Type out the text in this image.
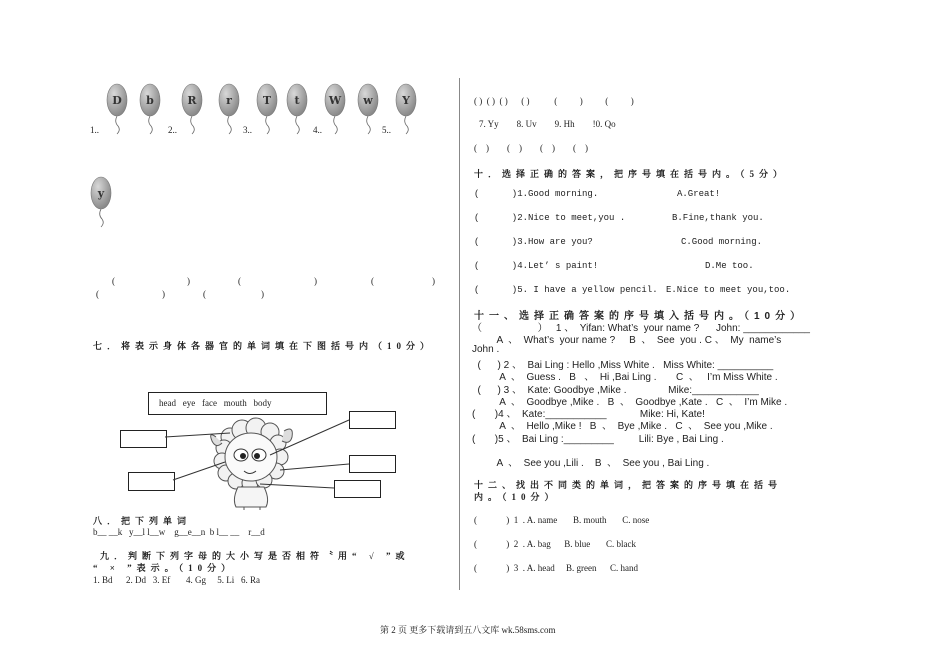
D b	R	r	T t	W w	Y
y
1..	2..	3..	4..	5..
(	)	(	)	(	)
(	)	(	)
七．将表示身体各器官的单词填在下图括号内（10分）
head   eye   face   mouth   body
八．把下列单词
b__ __k   y__l l__w    g__e__n  b l__ __    r__d
九．判断下列字母的大小写是否相符〝用“ √ ”或
“ × ”表示。（10分）
1. Bd      2. Dd   3. Ef       4. Gg     5. Li   6. Ra
( )  ( )  ( )      ( )           (          )          (          )
7. Yy        8. Uv        9. Hh        !0. Qo
(    )        (    )        (    )        (    )
十．选择正确的答案，把序号填在括号内。（5分）
(      )1.Good morning.	A.Great!
(      )2.Nice to meet,you .	B.Fine,thank you.
(      )3.How are you?	C.Good morning.
(      )4.Let’ s paint!	D.Me too.
(      )5. I have a yellow pencil. E.Nice to meet you,too.
十一、选择正确答案的序号填入括号内。（10分）
（                    ）   1 、  Yifan: What’s  your name ?      John: ____________
A  、  What’s  your name ?     B  、  See  you . C 、  My  name’s
John .
(      ) 2 、  Bai Ling : Hello ,Miss White .   Miss White: __________
A  、  Guess .   B   、  Hi ,Bai Ling .       C  、   I’m Miss White .
(      ) 3 、  Kate: Goodbye ,Mike .               Mike:____________
A  、  Goodbye ,Mike .   B  、  Goodbye ,Kate .   C  、  I’m Mike .
(       )4 、  Kate:___________            Mike: Hi, Kate!
A  、  Hello ,Mike !   B  、  Bye ,Mike .   C  、  See you ,Mike .
(       )5 、  Bai Ling :_________         Lili: Bye , Bai Ling .
A  、  See you ,Lili .    B  、  See you , Bai Ling .
十二、找出不同类的单词，把答案的序号填在括号
内。（10分）
(             )  1  . A. name       B. mouth       C. nose
(             )  2  . A. bag      B. blue       C. black
(             )  3  . A. head     B. green      C. hand
第 2 页 更多下载请到五八文库 wk.58sms.com
